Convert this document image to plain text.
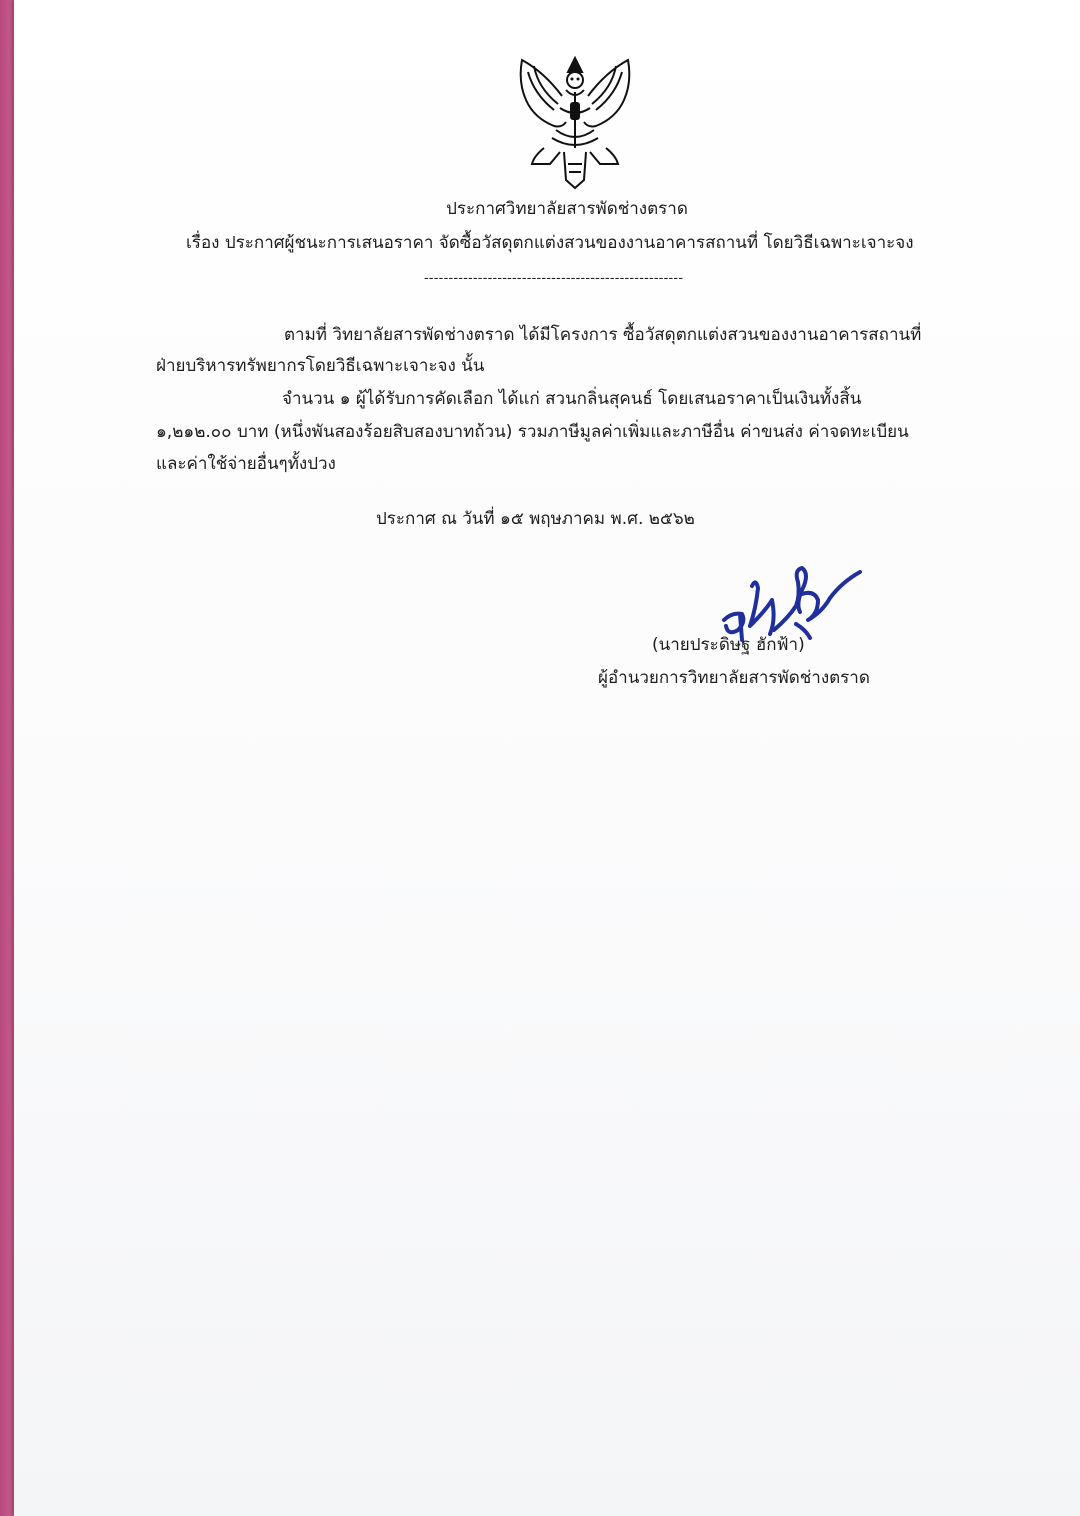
ประกาศวิทยาลัยสารพัดช่างตราด
เรื่อง ประกาศผู้ชนะการเสนอราคา จัดซื้อวัสดุตกแต่งสวนของงานอาคารสถานที่ โดยวิธีเฉพาะเจาะจง
-----------------------------------------------------
ตามที่ วิทยาลัยสารพัดช่างตราด ได้มีโครงการ ซื้อวัสดุตกแต่งสวนของงานอาคารสถานที่
ฝ่ายบริหารทรัพยากรโดยวิธีเฉพาะเจาะจง นั้น
จำนวน ๑ ผู้ได้รับการคัดเลือก ได้แก่ สวนกลิ่นสุคนธ์ โดยเสนอราคาเป็นเงินทั้งสิ้น
๑,๒๑๒.๐๐ บาท (หนึ่งพันสองร้อยสิบสองบาทถ้วน) รวมภาษีมูลค่าเพิ่มและภาษีอื่น ค่าขนส่ง ค่าจดทะเบียน
และค่าใช้จ่ายอื่นๆทั้งปวง
ประกาศ ณ วันที่ ๑๕ พฤษภาคม พ.ศ. ๒๕๖๒
(นายประดิษฐ ฮักฟ้า)
ผู้อำนวยการวิทยาลัยสารพัดช่างตราด
